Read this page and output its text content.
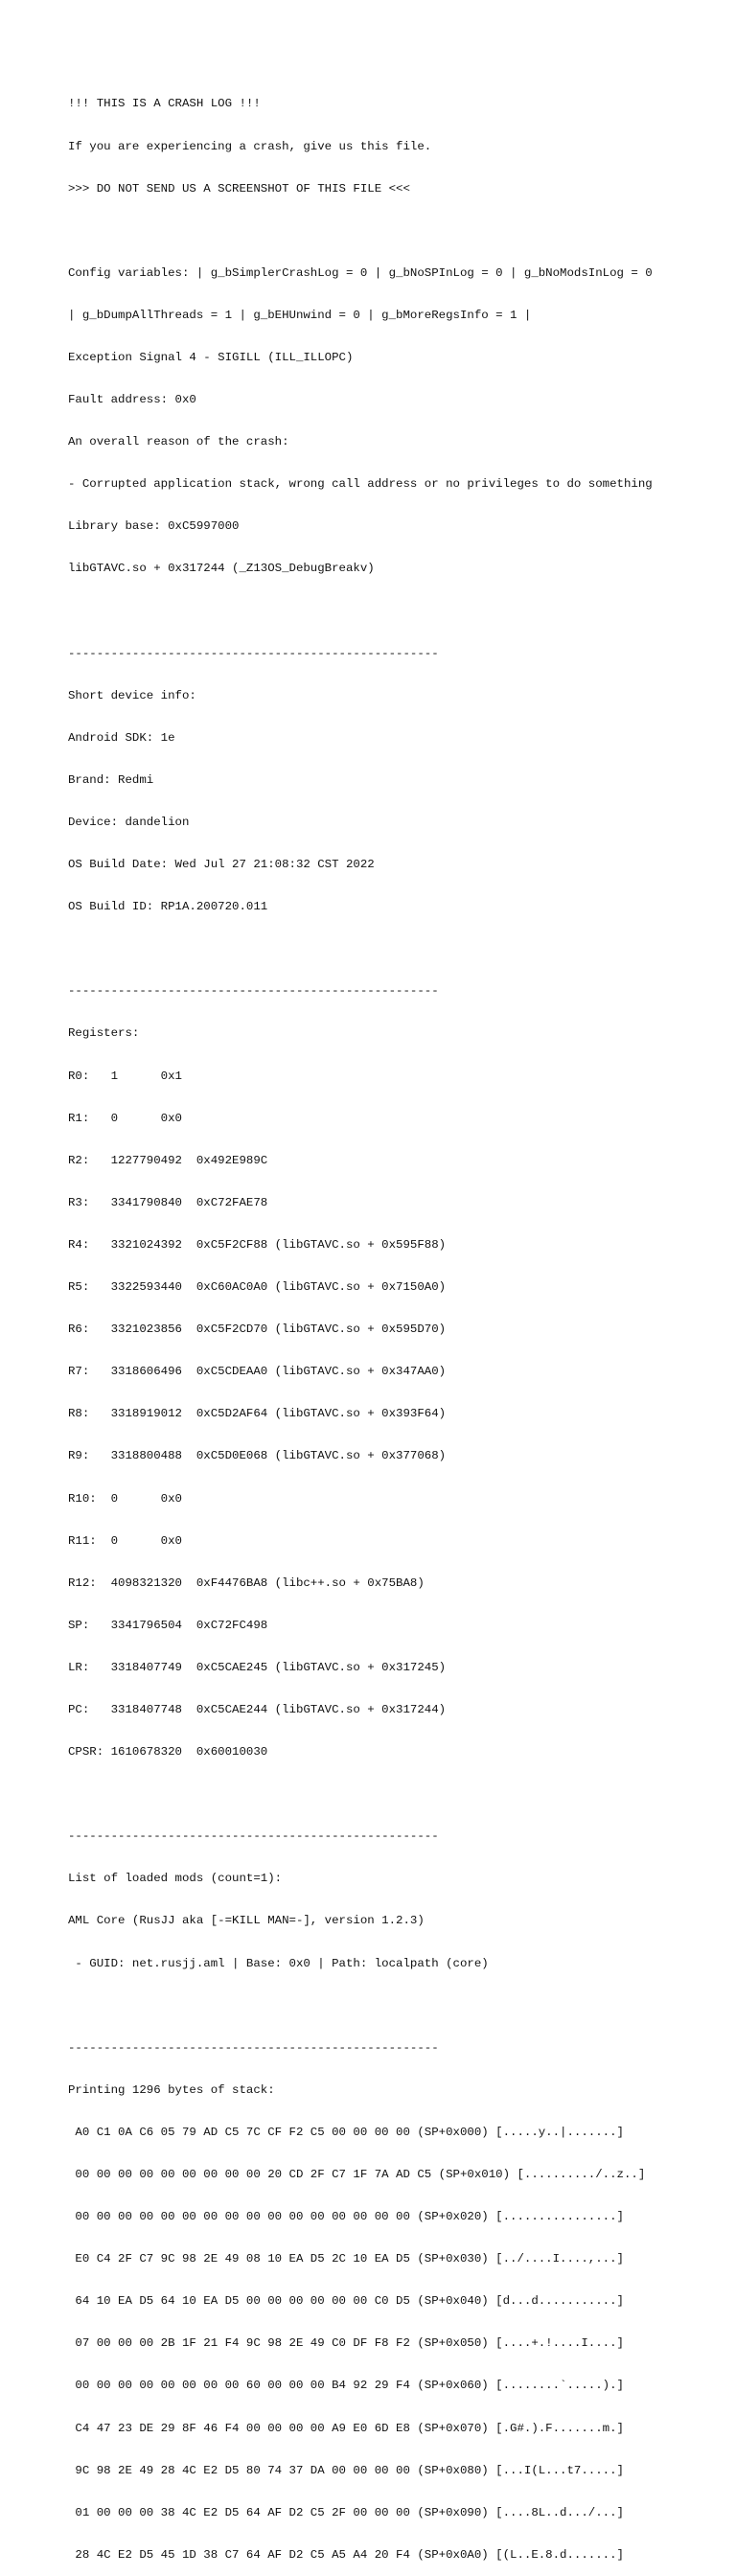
!!! THIS IS A CRASH LOG !!!

If you are experiencing a crash, give us this file.

>>> DO NOT SEND US A SCREENSHOT OF THIS FILE <<<

Config variables: | g_bSimplerCrashLog = 0 | g_bNoSPInLog = 0 | g_bNoModsInLog = 0

| g_bDumpAllThreads = 1 | g_bEHUnwind = 0 | g_bMoreRegsInfo = 1 |

Exception Signal 4 - SIGILL (ILL_ILLOPC)

Fault address: 0x0

An overall reason of the crash:

- Corrupted application stack, wrong call address or no privileges to do something

Library base: 0xC5997000

libGTAVC.so + 0x317244 (_Z13OS_DebugBreakv)

----------------------------------------------------

Short device info:

Android SDK: 1e

Brand: Redmi

Device: dandelion

OS Build Date: Wed Jul 27 21:08:32 CST 2022

OS Build ID: RP1A.200720.011

----------------------------------------------------

Registers:

R0:   1      0x1

R1:   0      0x0

R2:   1227790492  0x492E989C

R3:   3341790840  0xC72FAE78

R4:   3321024392  0xC5F2CF88 (libGTAVC.so + 0x595F88)

R5:   3322593440  0xC60AC0A0 (libGTAVC.so + 0x7150A0)

R6:   3321023856  0xC5F2CD70 (libGTAVC.so + 0x595D70)

R7:   3318606496  0xC5CDEAA0 (libGTAVC.so + 0x347AA0)

R8:   3318919012  0xC5D2AF64 (libGTAVC.so + 0x393F64)

R9:   3318800488  0xC5D0E068 (libGTAVC.so + 0x377068)

R10:  0      0x0

R11:  0      0x0

R12:  4098321320  0xF4476BA8 (libc++.so + 0x75BA8)

SP:   3341796504  0xC72FC498

LR:   3318407749  0xC5CAE245 (libGTAVC.so + 0x317245)

PC:   3318407748  0xC5CAE244 (libGTAVC.so + 0x317244)

CPSR: 1610678320  0x60010030

----------------------------------------------------

List of loaded mods (count=1):

AML Core (RusJJ aka [-=KILL MAN=-], version 1.2.3)

- GUID: net.rusjj.aml | Base: 0x0 | Path: localpath (core)

----------------------------------------------------

Printing 1296 bytes of stack:

A0 C1 0A C6 05 79 AD C5 7C CF F2 C5 00 00 00 00 (SP+0x000) [.....y..|.......]

00 00 00 00 00 00 00 00 00 20 CD 2F C7 1F 7A AD C5 (SP+0x010) [........../..z..]

00 00 00 00 00 00 00 00 00 00 00 00 00 00 00 00 (SP+0x020) [................]

E0 C4 2F C7 9C 98 2E 49 08 10 EA D5 2C 10 EA D5 (SP+0x030) [../....I....,...]

64 10 EA D5 64 10 EA D5 00 00 00 00 00 00 C0 D5 (SP+0x040) [d...d...........]

07 00 00 00 2B 1F 21 F4 9C 98 2E 49 C0 DF F8 F2 (SP+0x050) [....+.!....I....]

00 00 00 00 00 00 00 00 60 00 00 00 B4 92 29 F4 (SP+0x060) [........`.....).]

C4 47 23 DE 29 8F 46 F4 00 00 00 00 A9 E0 6D E8 (SP+0x070) [.G#.).F.......m.]

9C 98 2E 49 28 4C E2 D5 80 74 37 DA 00 00 00 00 (SP+0x080) [...I(L...t7.....]

01 00 00 00 38 4C E2 D5 64 AF D2 C5 2F 00 00 00 (SP+0x090) [....8L..d.../...]

28 4C E2 D5 45 1D 38 C7 64 AF D2 C5 A5 A4 20 F4 (SP+0x0A0) [(L..E.8.d.......]
